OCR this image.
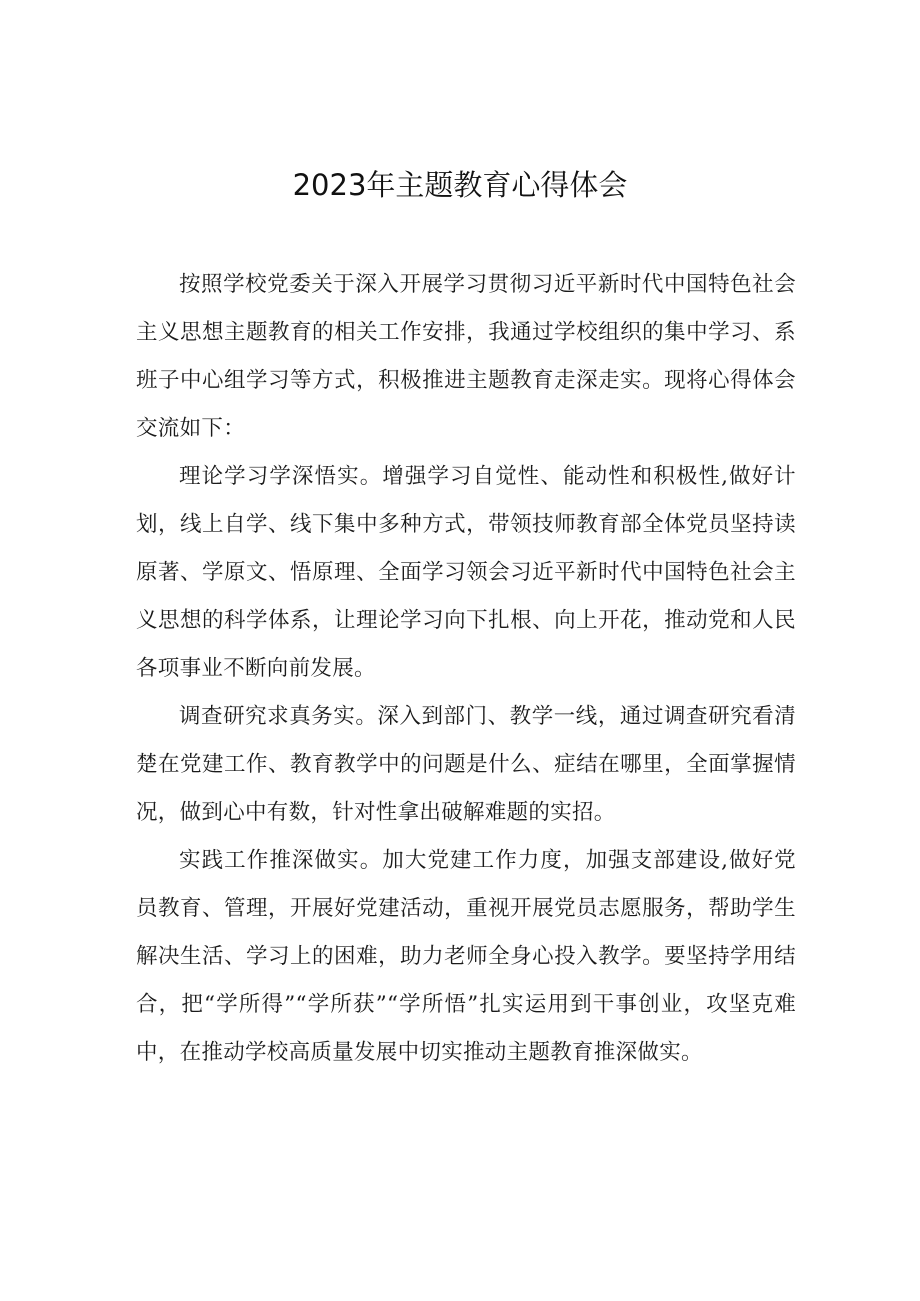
2023年主题教育心得体会

按照学校党委关于深入开展学习贯彻习近平新时代中国特色社会主义思想主题教育的相关工作安排，我通过学校组织的集中学习、系班子中心组学习等方式，积极推进主题教育走深走实。现将心得体会交流如下：

理论学习学深悟实。增强学习自觉性、能动性和积极性,做好计划，线上自学、线下集中多种方式，带领技师教育部全体党员坚持读原著、学原文、悟原理、全面学习领会习近平新时代中国特色社会主义思想的科学体系，让理论学习向下扎根、向上开花，推动党和人民各项事业不断向前发展。

调查研究求真务实。深入到部门、教学一线，通过调查研究看清楚在党建工作、教育教学中的问题是什么、症结在哪里，全面掌握情况，做到心中有数，针对性拿出破解难题的实招。

实践工作推深做实。加大党建工作力度，加强支部建设,做好党员教育、管理，开展好党建活动，重视开展党员志愿服务，帮助学生解决生活、学习上的困难，助力老师全身心投入教学。要坚持学用结合，把“学所得”“学所获”“学所悟”扎实运用到干事创业，攻坚克难中，在推动学校高质量发展中切实推动主题教育推深做实。
